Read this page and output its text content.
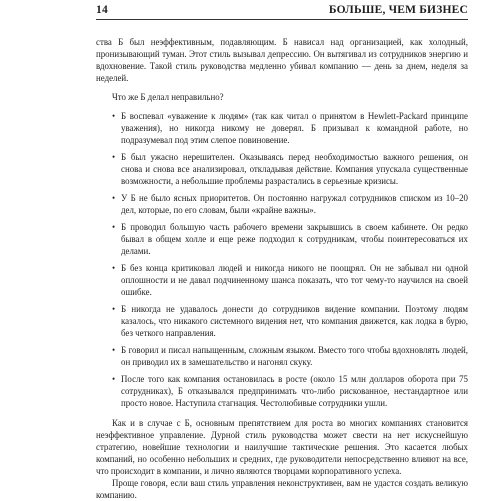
14	БОЛЬШЕ, ЧЕМ БИЗНЕС

ства Б был неэффективным, подавляющим. Б нависал над организацией, как холодный, пронизывающий туман. Этот стиль вызывал депрессию. Он вытягивал из сотрудников энергию и вдохновение. Такой стиль руководства медленно убивал компанию — день за днем, неделя за неделей.

Что же Б делал неправильно?

• Б воспевал «уважение к людям» (так как читал о принятом в Hewlett-Packard принципе уважения), но никогда никому не доверял. Б призывал к командной работе, но подразумевал под этим слепое повиновение.
• Б был ужасно нерешителен. Оказываясь перед необходимостью важного решения, он снова и снова все анализировал, откладывая действие. Компания упускала существенные возможности, а небольшие проблемы разрастались в серьезные кризисы.
• У Б не было ясных приоритетов. Он постоянно нагружал сотрудников списком из 10–20 дел, которые, по его словам, были «крайне важны».
• Б проводил большую часть рабочего времени закрывшись в своем кабинете. Он редко бывал в общем холле и еще реже подходил к сотрудникам, чтобы поинтересоваться их делами.
• Б без конца критиковал людей и никогда никого не поощрял. Он не забывал ни одной оплошности и не давал подчиненному шанса показать, что тот чему-то научился на своей ошибке.
• Б никогда не удавалось донести до сотрудников видение компании. Поэтому людям казалось, что никакого системного видения нет, что компания движется, как лодка в бурю, без четкого направления.
• Б говорил и писал напыщенным, сложным языком. Вместо того чтобы вдохновлять людей, он приводил их в замешательство и нагонял скуку.
• После того как компания остановилась в росте (около 15 млн долларов оборота при 75 сотрудниках), Б отказывался предпринимать что-либо рискованное, нестандартное или просто новое. Наступила стагнация. Честолюбивые сотрудники ушли.

Как и в случае с Б, основным препятствием для роста во многих компаниях становится неэффективное управление. Дурной стиль руководства может свести на нет искуснейшую стратегию, новейшие технологии и наилучшие тактические решения. Это касается любых компаний, но особенно небольших и средних, где руководители непосредственно влияют на все, что происходит в компании, и лично являются творцами корпоративного успеха.

Проще говоря, если ваш стиль управления неконструктивен, вам не удастся создать великую компанию.
